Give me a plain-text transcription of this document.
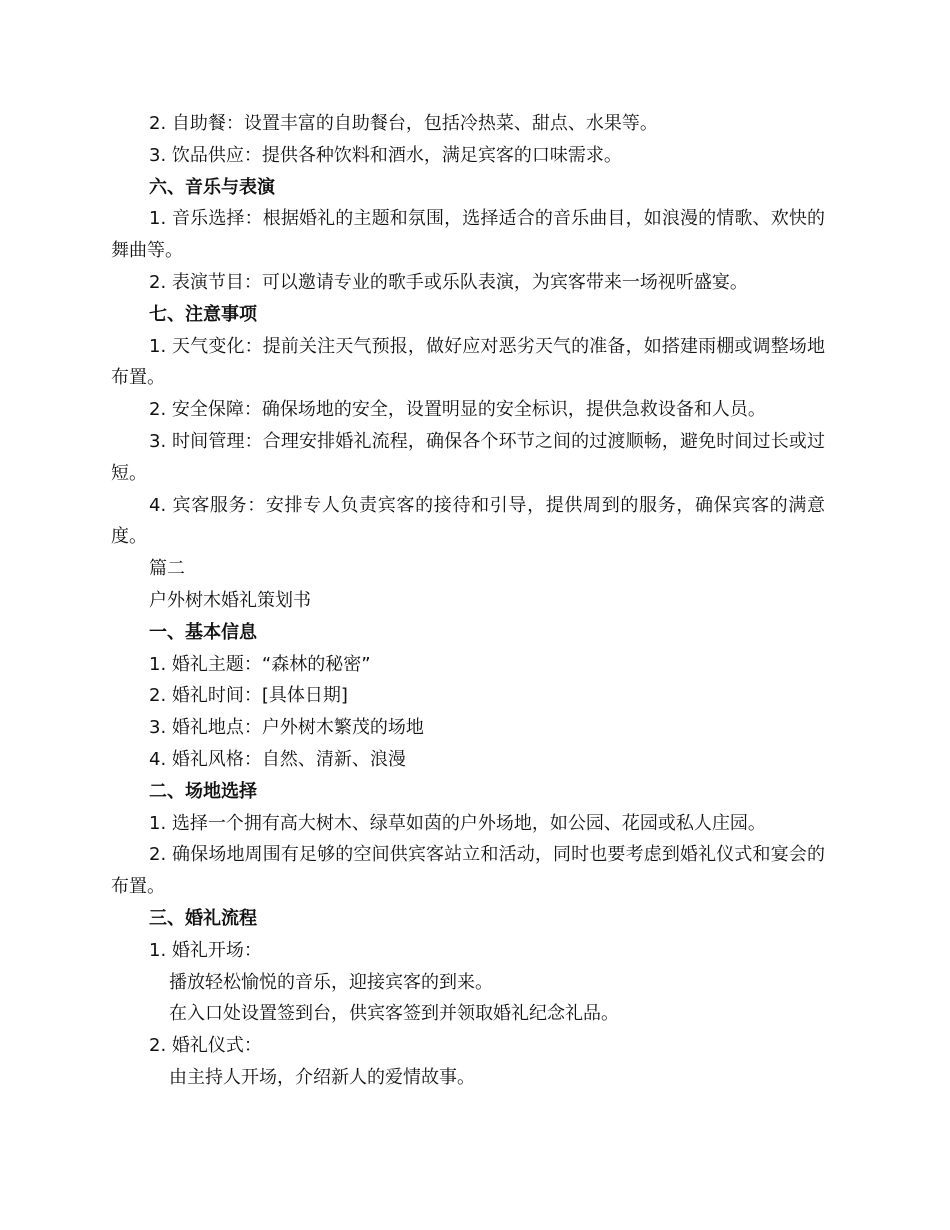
2. 自助餐：设置丰富的自助餐台，包括冷热菜、甜点、水果等。

3. 饮品供应：提供各种饮料和酒水，满足宾客的口味需求。

六、音乐与表演

1. 音乐选择：根据婚礼的主题和氛围，选择适合的音乐曲目，如浪漫的情歌、欢快的舞曲等。

2. 表演节目：可以邀请专业的歌手或乐队表演，为宾客带来一场视听盛宴。

七、注意事项

1. 天气变化：提前关注天气预报，做好应对恶劣天气的准备，如搭建雨棚或调整场地布置。

2. 安全保障：确保场地的安全，设置明显的安全标识，提供急救设备和人员。

3. 时间管理：合理安排婚礼流程，确保各个环节之间的过渡顺畅，避免时间过长或过短。

4. 宾客服务：安排专人负责宾客的接待和引导，提供周到的服务，确保宾客的满意度。

篇二

户外树木婚礼策划书

一、基本信息

1. 婚礼主题：“森林的秘密”

2. 婚礼时间：[具体日期]

3. 婚礼地点：户外树木繁茂的场地

4. 婚礼风格：自然、清新、浪漫

二、场地选择

1. 选择一个拥有高大树木、绿草如茵的户外场地，如公园、花园或私人庄园。

2. 确保场地周围有足够的空间供宾客站立和活动，同时也要考虑到婚礼仪式和宴会的布置。

三、婚礼流程

1. 婚礼开场：

播放轻松愉悦的音乐，迎接宾客的到来。

在入口处设置签到台，供宾客签到并领取婚礼纪念礼品。

2. 婚礼仪式：

由主持人开场，介绍新人的爱情故事。
